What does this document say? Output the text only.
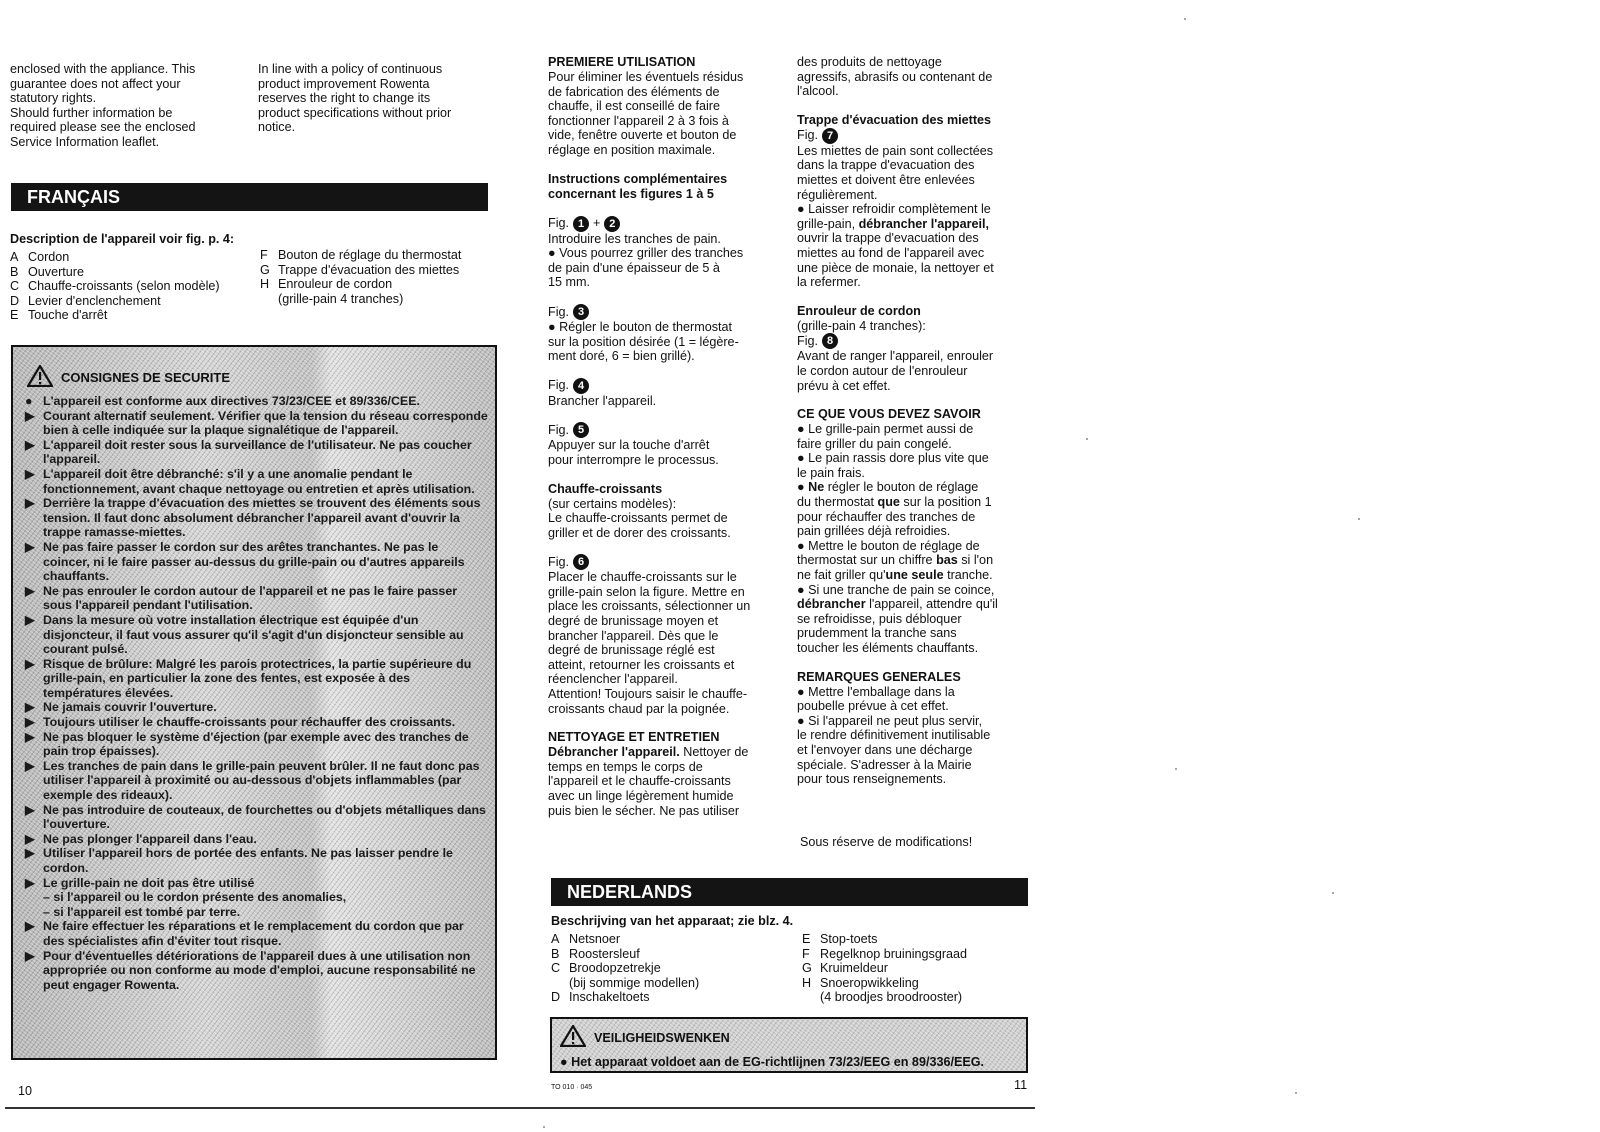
enclosed with the appliance. This
guarantee does not affect your
statutory rights.
Should further information be
required please see the enclosed
Service Information leaflet.
In line with a policy of continuous
product improvement Rowenta
reserves the right to change its
product specifications without prior
notice.
FRANÇAIS
Description de l'appareil voir fig. p. 4:
A Cordon
B Ouverture
C Chauffe-croissants (selon modèle)
D Levier d'enclenchement
E Touche d'arrêt
F Bouton de réglage du thermostat
G Trappe d'évacuation des miettes
H Enrouleur de cordon
(grille-pain 4 tranches)
CONSIGNES DE SECURITE
● L'appareil est conforme aux directives 73/23/CEE et 89/336/CEE.
▶ Courant alternatif seulement. Vérifier que la tension du réseau corresponde bien à celle indiquée sur la plaque signalétique de l'appareil.
▶ L'appareil doit rester sous la surveillance de l'utilisateur. Ne pas coucher l'appareil.
▶ L'appareil doit être débranché: s'il y a une anomalie pendant le fonctionnement, avant chaque nettoyage ou entretien et après utilisation.
▶ Derrière la trappe d'évacuation des miettes se trouvent des éléments sous tension. Il faut donc absolument débrancher l'appareil avant d'ouvrir la trappe ramasse-miettes.
▶ Ne pas faire passer le cordon sur des arêtes tranchantes. Ne pas le coincer, ni le faire passer au-dessus du grille-pain ou d'autres appareils chauffants.
▶ Ne pas enrouler le cordon autour de l'appareil et ne pas le faire passer sous l'appareil pendant l'utilisation.
▶ Dans la mesure où votre installation électrique est équipée d'un disjoncteur, il faut vous assurer qu'il s'agit d'un disjoncteur sensible au courant pulsé.
▶ Risque de brûlure: Malgré les parois protectrices, la partie supérieure du grille-pain, en particulier la zone des fentes, est exposée à des températures élevées.
▶ Ne jamais couvrir l'ouverture.
▶ Toujours utiliser le chauffe-croissants pour réchauffer des croissants.
▶ Ne pas bloquer le système d'éjection (par exemple avec des tranches de pain trop épaisses).
▶ Les tranches de pain dans le grille-pain peuvent brûler. Il ne faut donc pas utiliser l'appareil à proximité ou au-dessous d'objets inflammables (par exemple des rideaux).
▶ Ne pas introduire de couteaux, de fourchettes ou d'objets métalliques dans l'ouverture.
▶ Ne pas plonger l'appareil dans l'eau.
▶ Utiliser l'appareil hors de portée des enfants. Ne pas laisser pendre le cordon.
▶ Le grille-pain ne doit pas être utilisé
– si l'appareil ou le cordon présente des anomalies,
– si l'appareil est tombé par terre.
▶ Ne faire effectuer les réparations et le remplacement du cordon que par des spécialistes afin d'éviter tout risque.
▶ Pour d'éventuelles détériorations de l'appareil dues à une utilisation non appropriée ou non conforme au mode d'emploi, aucune responsabilité ne peut engager Rowenta.
10

PREMIERE UTILISATION

Pour éliminer les éventuels résidus
de fabrication des éléments de
chauffe, il est conseillé de faire
fonctionner l'appareil 2 à 3 fois à
vide, fenêtre ouverte et bouton de
réglage en position maximale.

Instructions complémentaires
concernant les figures 1 à 5

Fig. 1 + 2

Introduire les tranches de pain.
● Vous pourrez griller des tranches
de pain d'une épaisseur de 5 à
15 mm.

Fig. 3

● Régler le bouton de thermostat
sur la position désirée (1 = légère-
ment doré, 6 = bien grillé).

Fig. 4

Brancher l'appareil.

Fig. 5

Appuyer sur la touche d'arrêt
pour interrompre le processus.

Chauffe-croissants

(sur certains modèles):

Le chauffe-croissants permet de
griller et de dorer des croissants.

Fig. 6

Placer le chauffe-croissants sur le
grille-pain selon la figure. Mettre en
place les croissants, sélectionner un
degré de brunissage moyen et
brancher l'appareil. Dès que le
degré de brunissage réglé est
atteint, retourner les croissants et
réenclencher l'appareil.
Attention! Toujours saisir le chauffe-
croissants chaud par la poignée.

NETTOYAGE ET ENTRETIEN

Débrancher l'appareil. Nettoyer de
temps en temps le corps de
l'appareil et le chauffe-croissants
avec un linge légèrement humide
puis bien le sécher. Ne pas utiliser

des produits de nettoyage
agressifs, abrasifs ou contenant de
l'alcool.

Trappe d'évacuation des miettes

Fig. 7

Les miettes de pain sont collectées
dans la trappe d'evacuation des
miettes et doivent être enlevées
régulièrement.

● Laisser refroidir complètement le
grille-pain, débrancher l'appareil,
ouvrir la trappe d'evacuation des
miettes au fond de l'appareil avec
une pièce de monaie, la nettoyer et
la refermer.

Enrouleur de cordon

(grille-pain 4 tranches):

Fig. 8

Avant de ranger l'appareil, enrouler
le cordon autour de l'enrouleur
prévu à cet effet.

CE QUE VOUS DEVEZ SAVOIR

● Le grille-pain permet aussi de
faire griller du pain congelé.

● Le pain rassis dore plus vite que
le pain frais.

● Ne régler le bouton de réglage
du thermostat que sur la position 1
pour réchauffer des tranches de
pain grillées déjà refroidies.

● Mettre le bouton de réglage de
thermostat sur un chiffre bas si l'on
ne fait griller qu'une seule tranche.

● Si une tranche de pain se coince,
débrancher l'appareil, attendre qu'il
se refroidisse, puis débloquer
prudemment la tranche sans
toucher les éléments chauffants.

REMARQUES GENERALES

● Mettre l'emballage dans la
poubelle prévue à cet effet.

● Si l'appareil ne peut plus servir,
le rendre définitivement inutilisable
et l'envoyer dans une décharge
spéciale. S'adresser à la Mairie
pour tous renseignements.

Sous réserve de modifications!
NEDERLANDS
Beschrijving van het apparaat; zie blz. 4.
A Netsnoer
B Roostersleuf
C Broodopzetrekje
(bij sommige modellen)
D Inschakeltoets
E Stop-toets
F Regelknop bruiningsgraad
G Kruimeldeur
H Snoeropwikkeling
(4 broodjes broodrooster)
VEILIGHEIDSWENKEN
● Het apparaat voldoet aan de EG-richtlijnen 73/23/EEG en 89/336/EEG.
TO 010 · 045	11
